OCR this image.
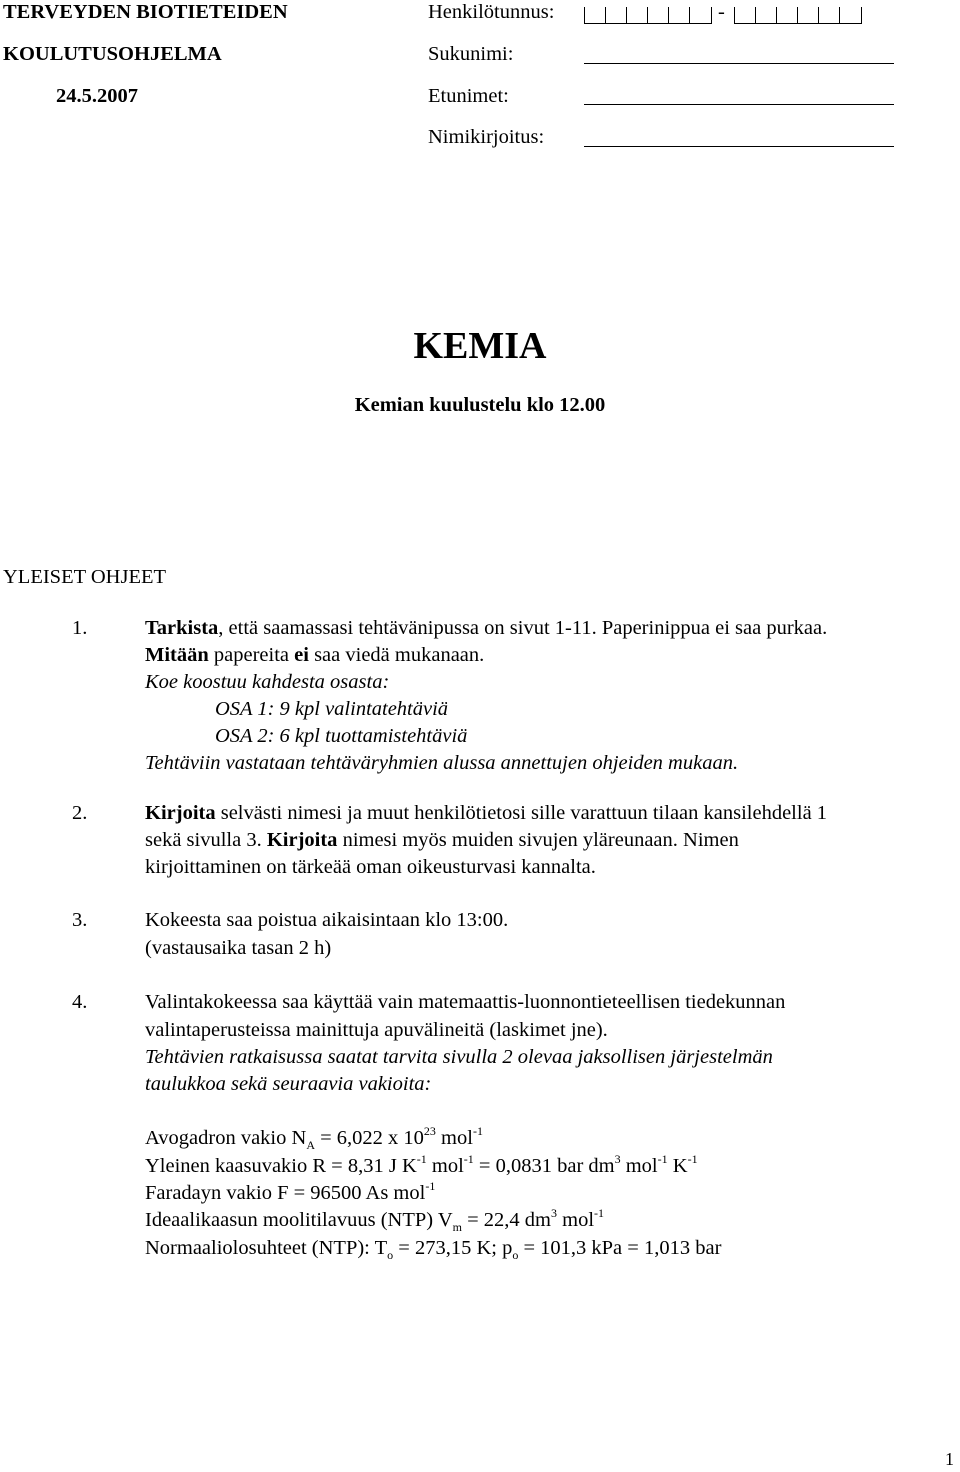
TERVEYDEN BIOTIETEIDEN
KOULUTUSOHJELMA
24.5.2007
Henkilötunnus:	-
Sukunimi:
Etunimet:
Nimikirjoitus:
KEMIA
Kemian kuulustelu klo 12.00
YLEISET OHJEET
1.	Tarkista, että saamassasi tehtävänipussa on sivut 1-11. Paperinippua ei saa purkaa.
Mitään papereita ei saa viedä mukanaan.
Koe koostuu kahdesta osasta:
OSA 1: 9 kpl valintatehtäviä
OSA 2: 6 kpl tuottamistehtäviä
Tehtäviin vastataan tehtäväryhmien alussa annettujen ohjeiden mukaan.
2.	Kirjoita selvästi nimesi ja muut henkilötietosi sille varattuun tilaan kansilehdellä 1
sekä sivulla 3. Kirjoita nimesi myös muiden sivujen yläreunaan. Nimen
kirjoittaminen on tärkeää oman oikeusturvasi kannalta.
3.	Kokeesta saa poistua aikaisintaan klo 13:00.
(vastausaika tasan 2 h)
4.	Valintakokeessa saa käyttää vain matemaattis-luonnontieteellisen tiedekunnan
valintaperusteissa mainittuja apuvälineitä (laskimet jne).
Tehtävien ratkaisussa saatat tarvita sivulla 2 olevaa jaksollisen järjestelmän
taulukkoa sekä seuraavia vakioita:
Avogadron vakio $N_A = 6,022$ x $10^{23}$ mol$^{-1}$
Yleinen kaasuvakio R = 8,31 J $K^{-1}$ mol$^{-1}$ = 0,0831 bar $dm^3$ mol$^{-1}$ $K^{-1}$
Faradayn vakio F = 96500 As mol$^{-1}$
Ideaalikaasun moolitilavuus (NTP) $V_m = 22,4$ $dm^3$ mol$^{-1}$
Normaaliolosuhteet (NTP): $T_o = 273,15$ K; $p_o = 101,3$ kPa = 1,013 bar
1
